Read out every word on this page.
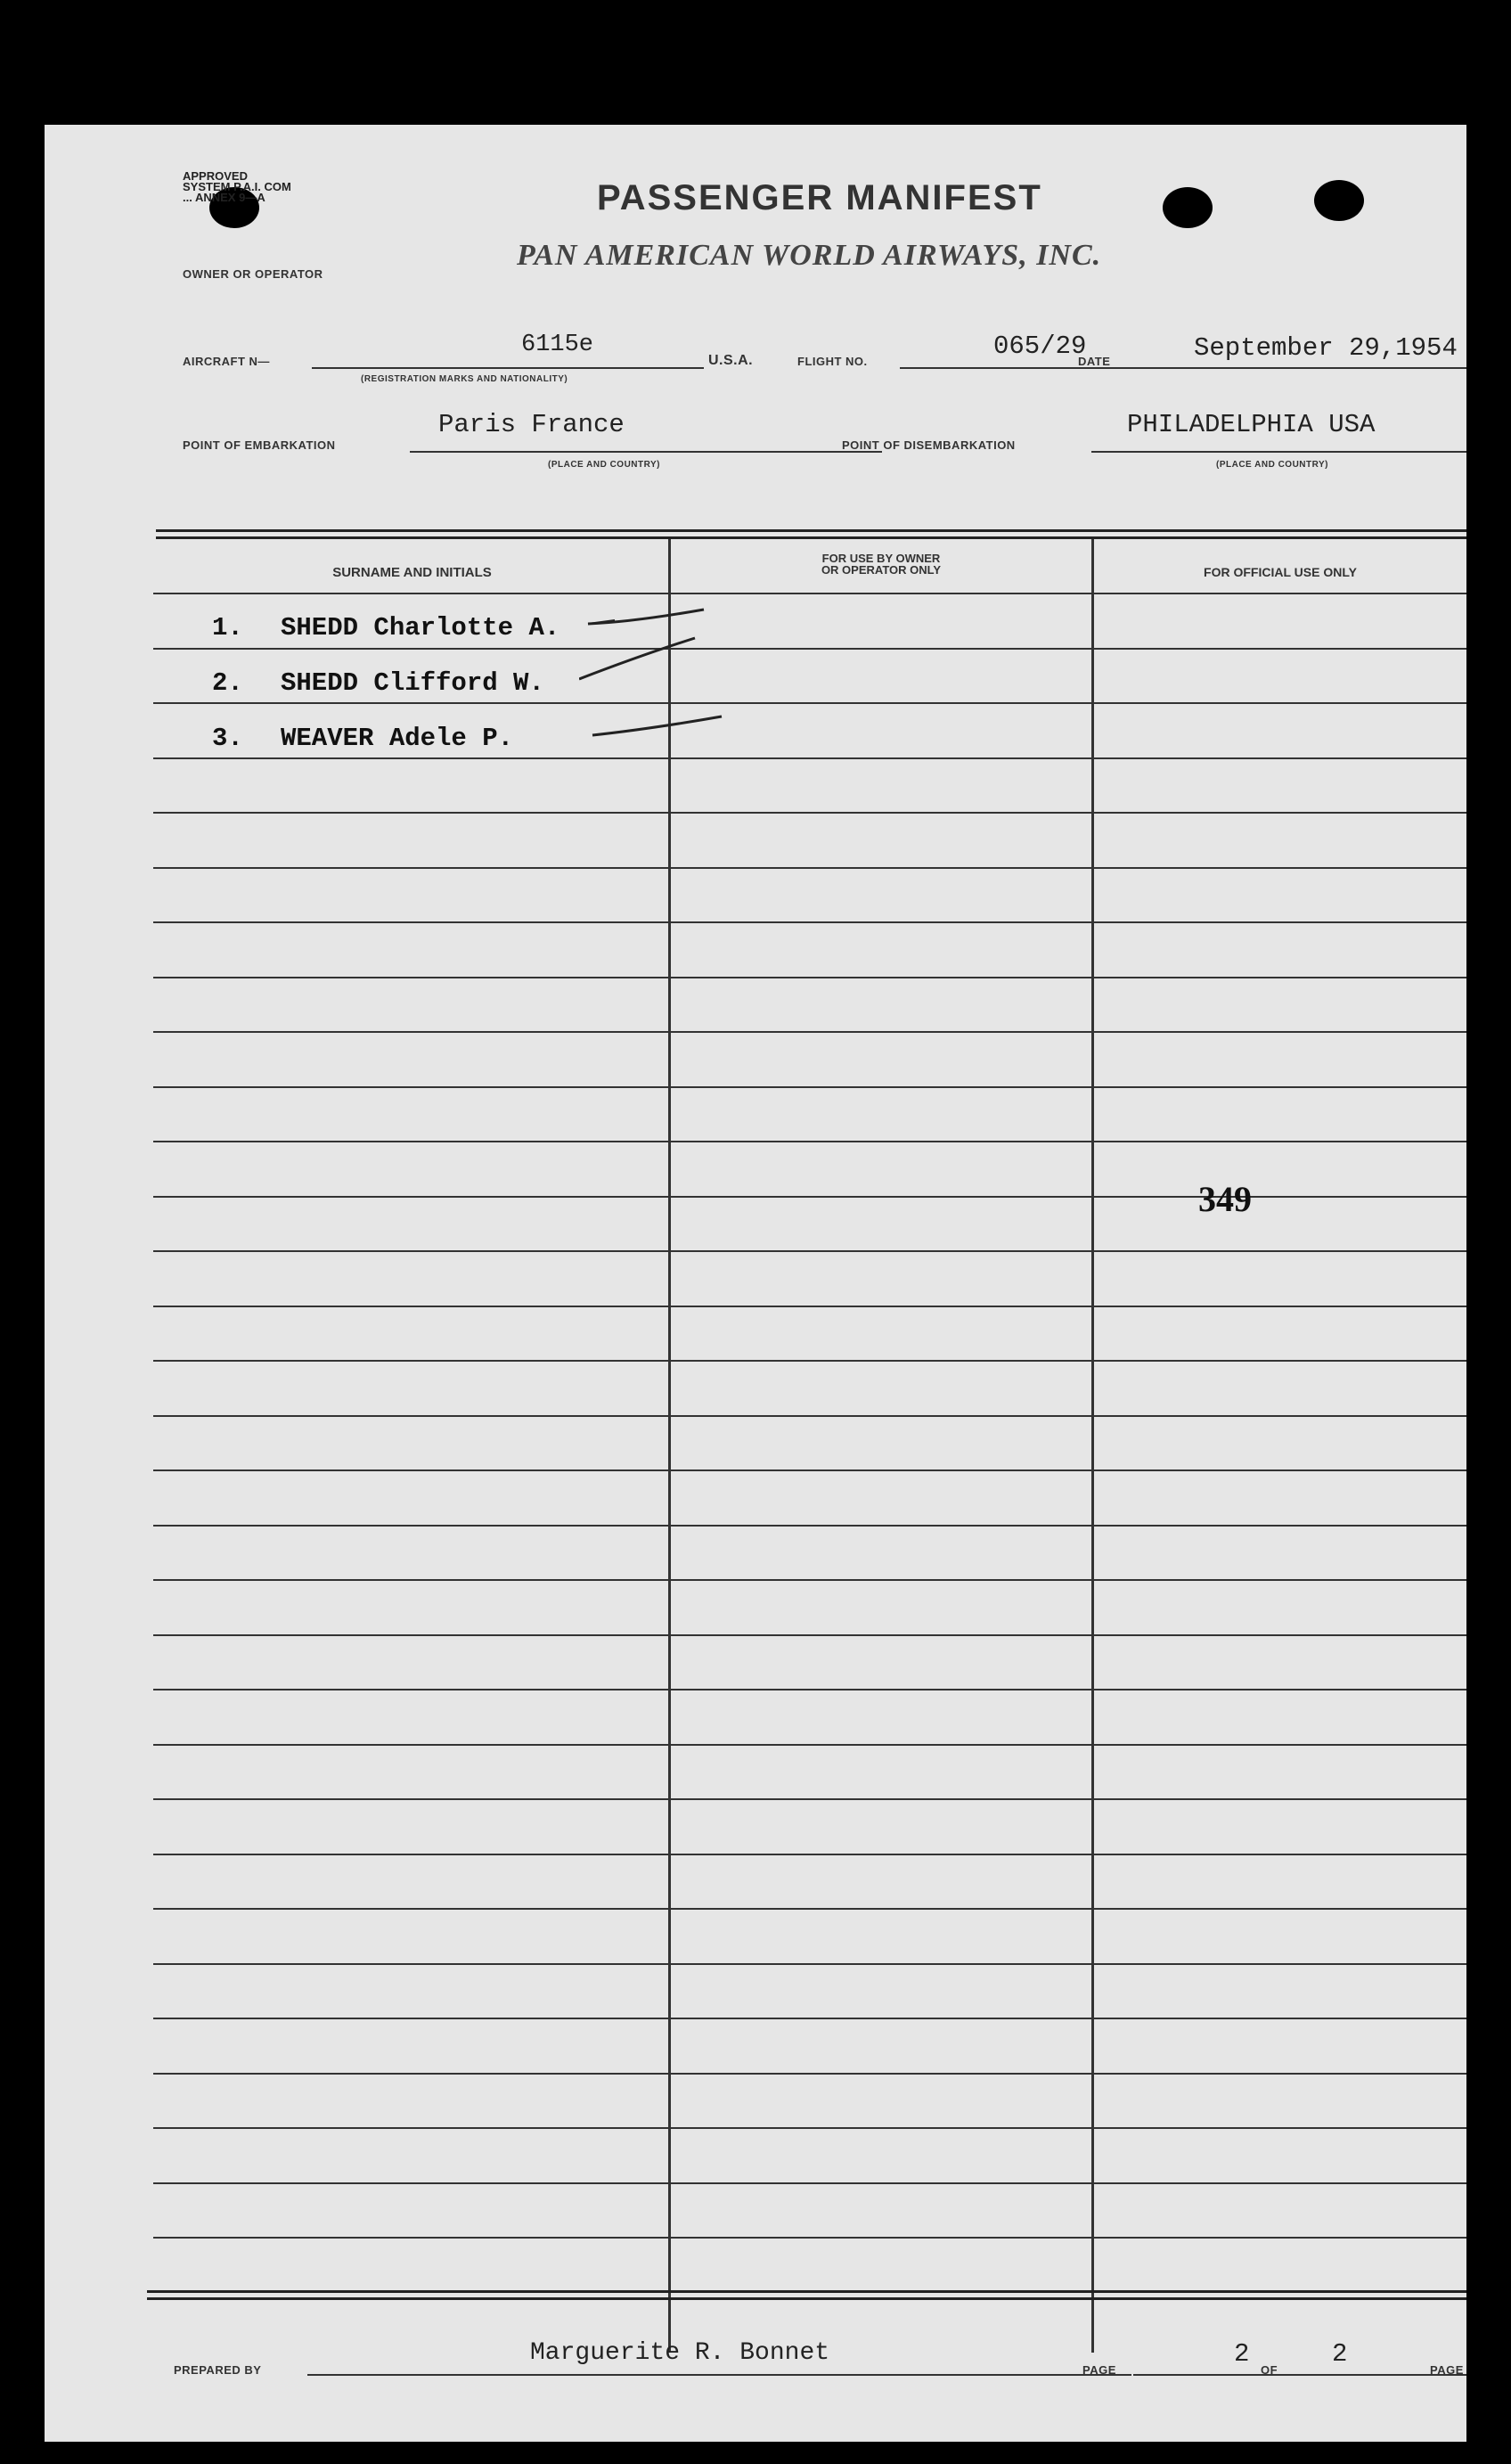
APPROVED
SYSTEM P.A.I. COM
... ANNEX 9—A	PASSENGER MANIFEST
OWNER OR OPERATOR
PAN AMERICAN WORLD AIRWAYS, INC.
AIRCRAFT N—
6115e
(REGISTRATION MARKS AND NATIONALITY)
U.S.A.	FLIGHT NO.
065/29
DATE	September 29,1954
POINT OF EMBARKATION
Paris France
(PLACE AND COUNTRY)
POINT OF DISEMBARKATION
PHILADELPHIA USA
(PLACE AND COUNTRY)
SURNAME AND INITIALS
FOR USE BY OWNER
OR OPERATOR ONLY	FOR OFFICIAL USE ONLY
1. SHEDD Charlotte A.
2. SHEDD Clifford W.
3. WEAVER Adele P.
349
PREPARED BY
Marguerite R. Bonnet
PAGE
2
OF
2
PAGE
